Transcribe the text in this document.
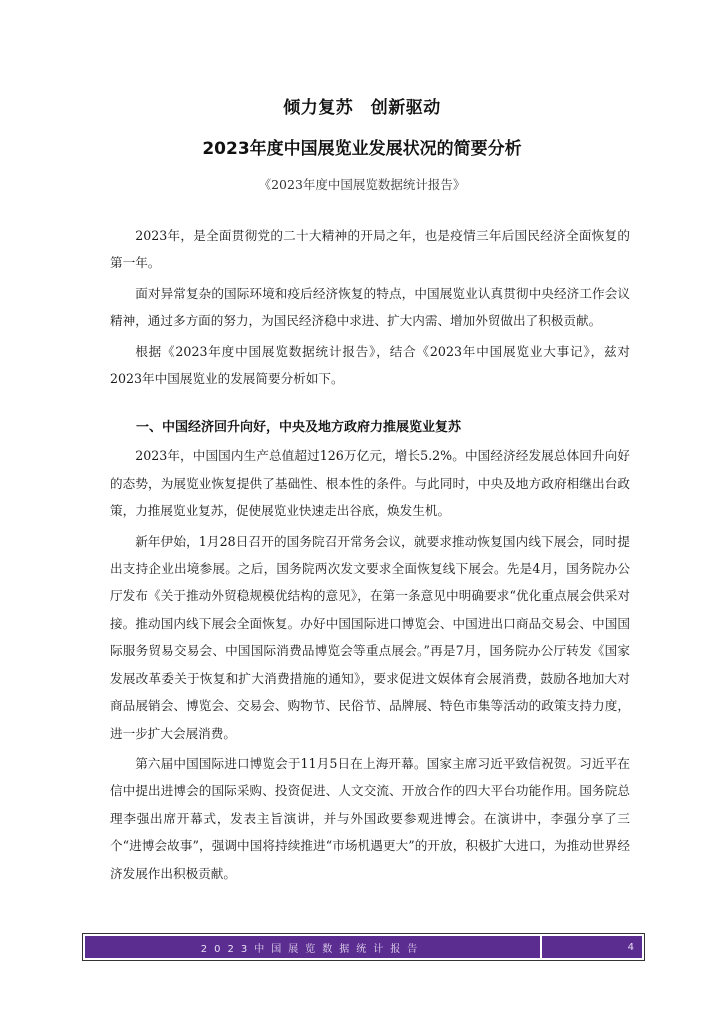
倾力复苏　创新驱动
2023年度中国展览业发展状况的简要分析
《2023年度中国展览数据统计报告》

2023年，是全面贯彻党的二十大精神的开局之年，也是疫情三年后国民经济全面恢复的第一年。

面对异常复杂的国际环境和疫后经济恢复的特点，中国展览业认真贯彻中央经济工作会议精神，通过多方面的努力，为国民经济稳中求进、扩大内需、增加外贸做出了积极贡献。

根据《2023年度中国展览数据统计报告》，结合《2023年中国展览业大事记》，兹对2023年中国展览业的发展简要分析如下。

一、中国经济回升向好，中央及地方政府力推展览业复苏

2023年，中国国内生产总值超过126万亿元，增长5.2%。中国经济经发展总体回升向好的态势，为展览业恢复提供了基础性、根本性的条件。与此同时，中央及地方政府相继出台政策，力推展览业复苏，促使展览业快速走出谷底，焕发生机。

新年伊始，1月28日召开的国务院召开常务会议，就要求推动恢复国内线下展会，同时提出支持企业出境参展。之后，国务院两次发文要求全面恢复线下展会。先是4月，国务院办公厅发布《关于推动外贸稳规模优结构的意见》，在第一条意见中明确要求“优化重点展会供采对接。推动国内线下展会全面恢复。办好中国国际进口博览会、中国进出口商品交易会、中国国际服务贸易交易会、中国国际消费品博览会等重点展会。”再是7月，国务院办公厅转发《国家发展改革委关于恢复和扩大消费措施的通知》，要求促进文娱体育会展消费，鼓励各地加大对商品展销会、博览会、交易会、购物节、民俗节、品牌展、特色市集等活动的政策支持力度，进一步扩大会展消费。

第六届中国国际进口博览会于11月5日在上海开幕。国家主席习近平致信祝贺。习近平在信中提出进博会的国际采购、投资促进、人文交流、开放合作的四大平台功能作用。国务院总理李强出席开幕式，发表主旨演讲，并与外国政要参观进博会。在演讲中，李强分享了三个“进博会故事”，强调中国将持续推进“市场机遇更大”的开放，积极扩大进口，为推动世界经济发展作出积极贡献。

2023中国展览数据统计报告	4
